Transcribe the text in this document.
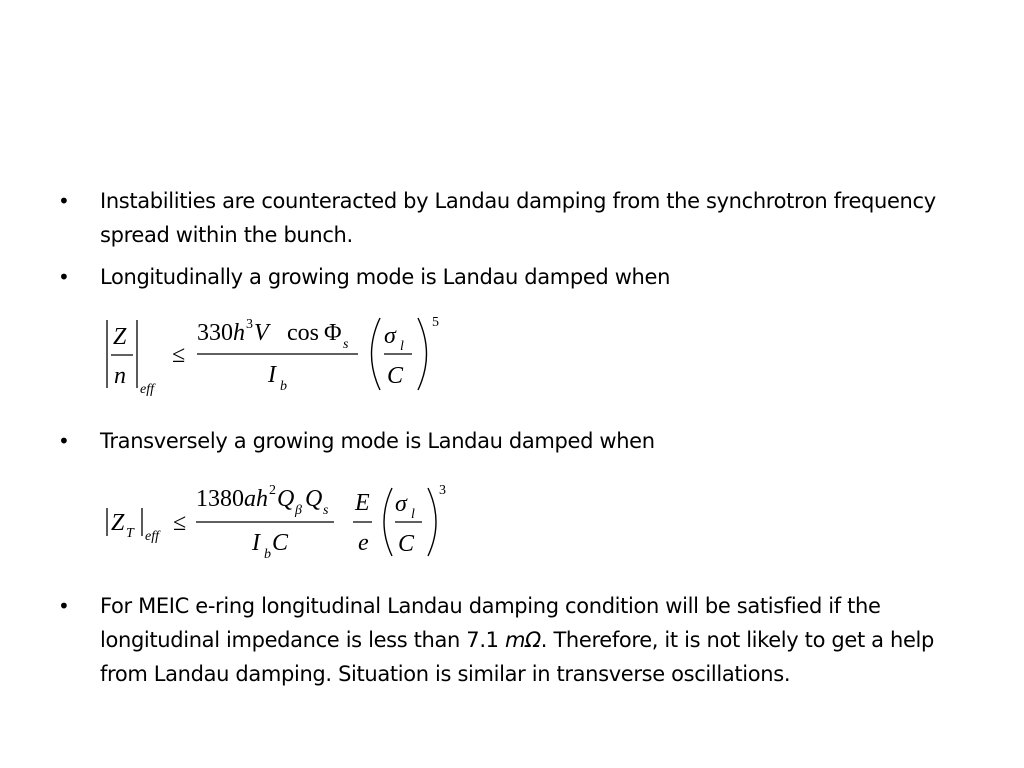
•	Instabilities are counteracted by Landau damping from the synchrotron frequency spread within the bunch.
•	Longitudinally a growing mode is Landau damped when
Z
n
eff
≤
330 h 3 V cos Φ s
I b
σ l
C
5
•	Transversely a growing mode is Landau damped when
Z T eff
≤
1380 a h 2 Q β Q s
I b C
E
e
σ l
C
3
•	For MEIC e-ring longitudinal Landau damping condition will be satisfied if the longitudinal impedance is less than 7.1 mΩ. Therefore, it is not likely to get a help from Landau damping. Situation is similar in transverse oscillations.
